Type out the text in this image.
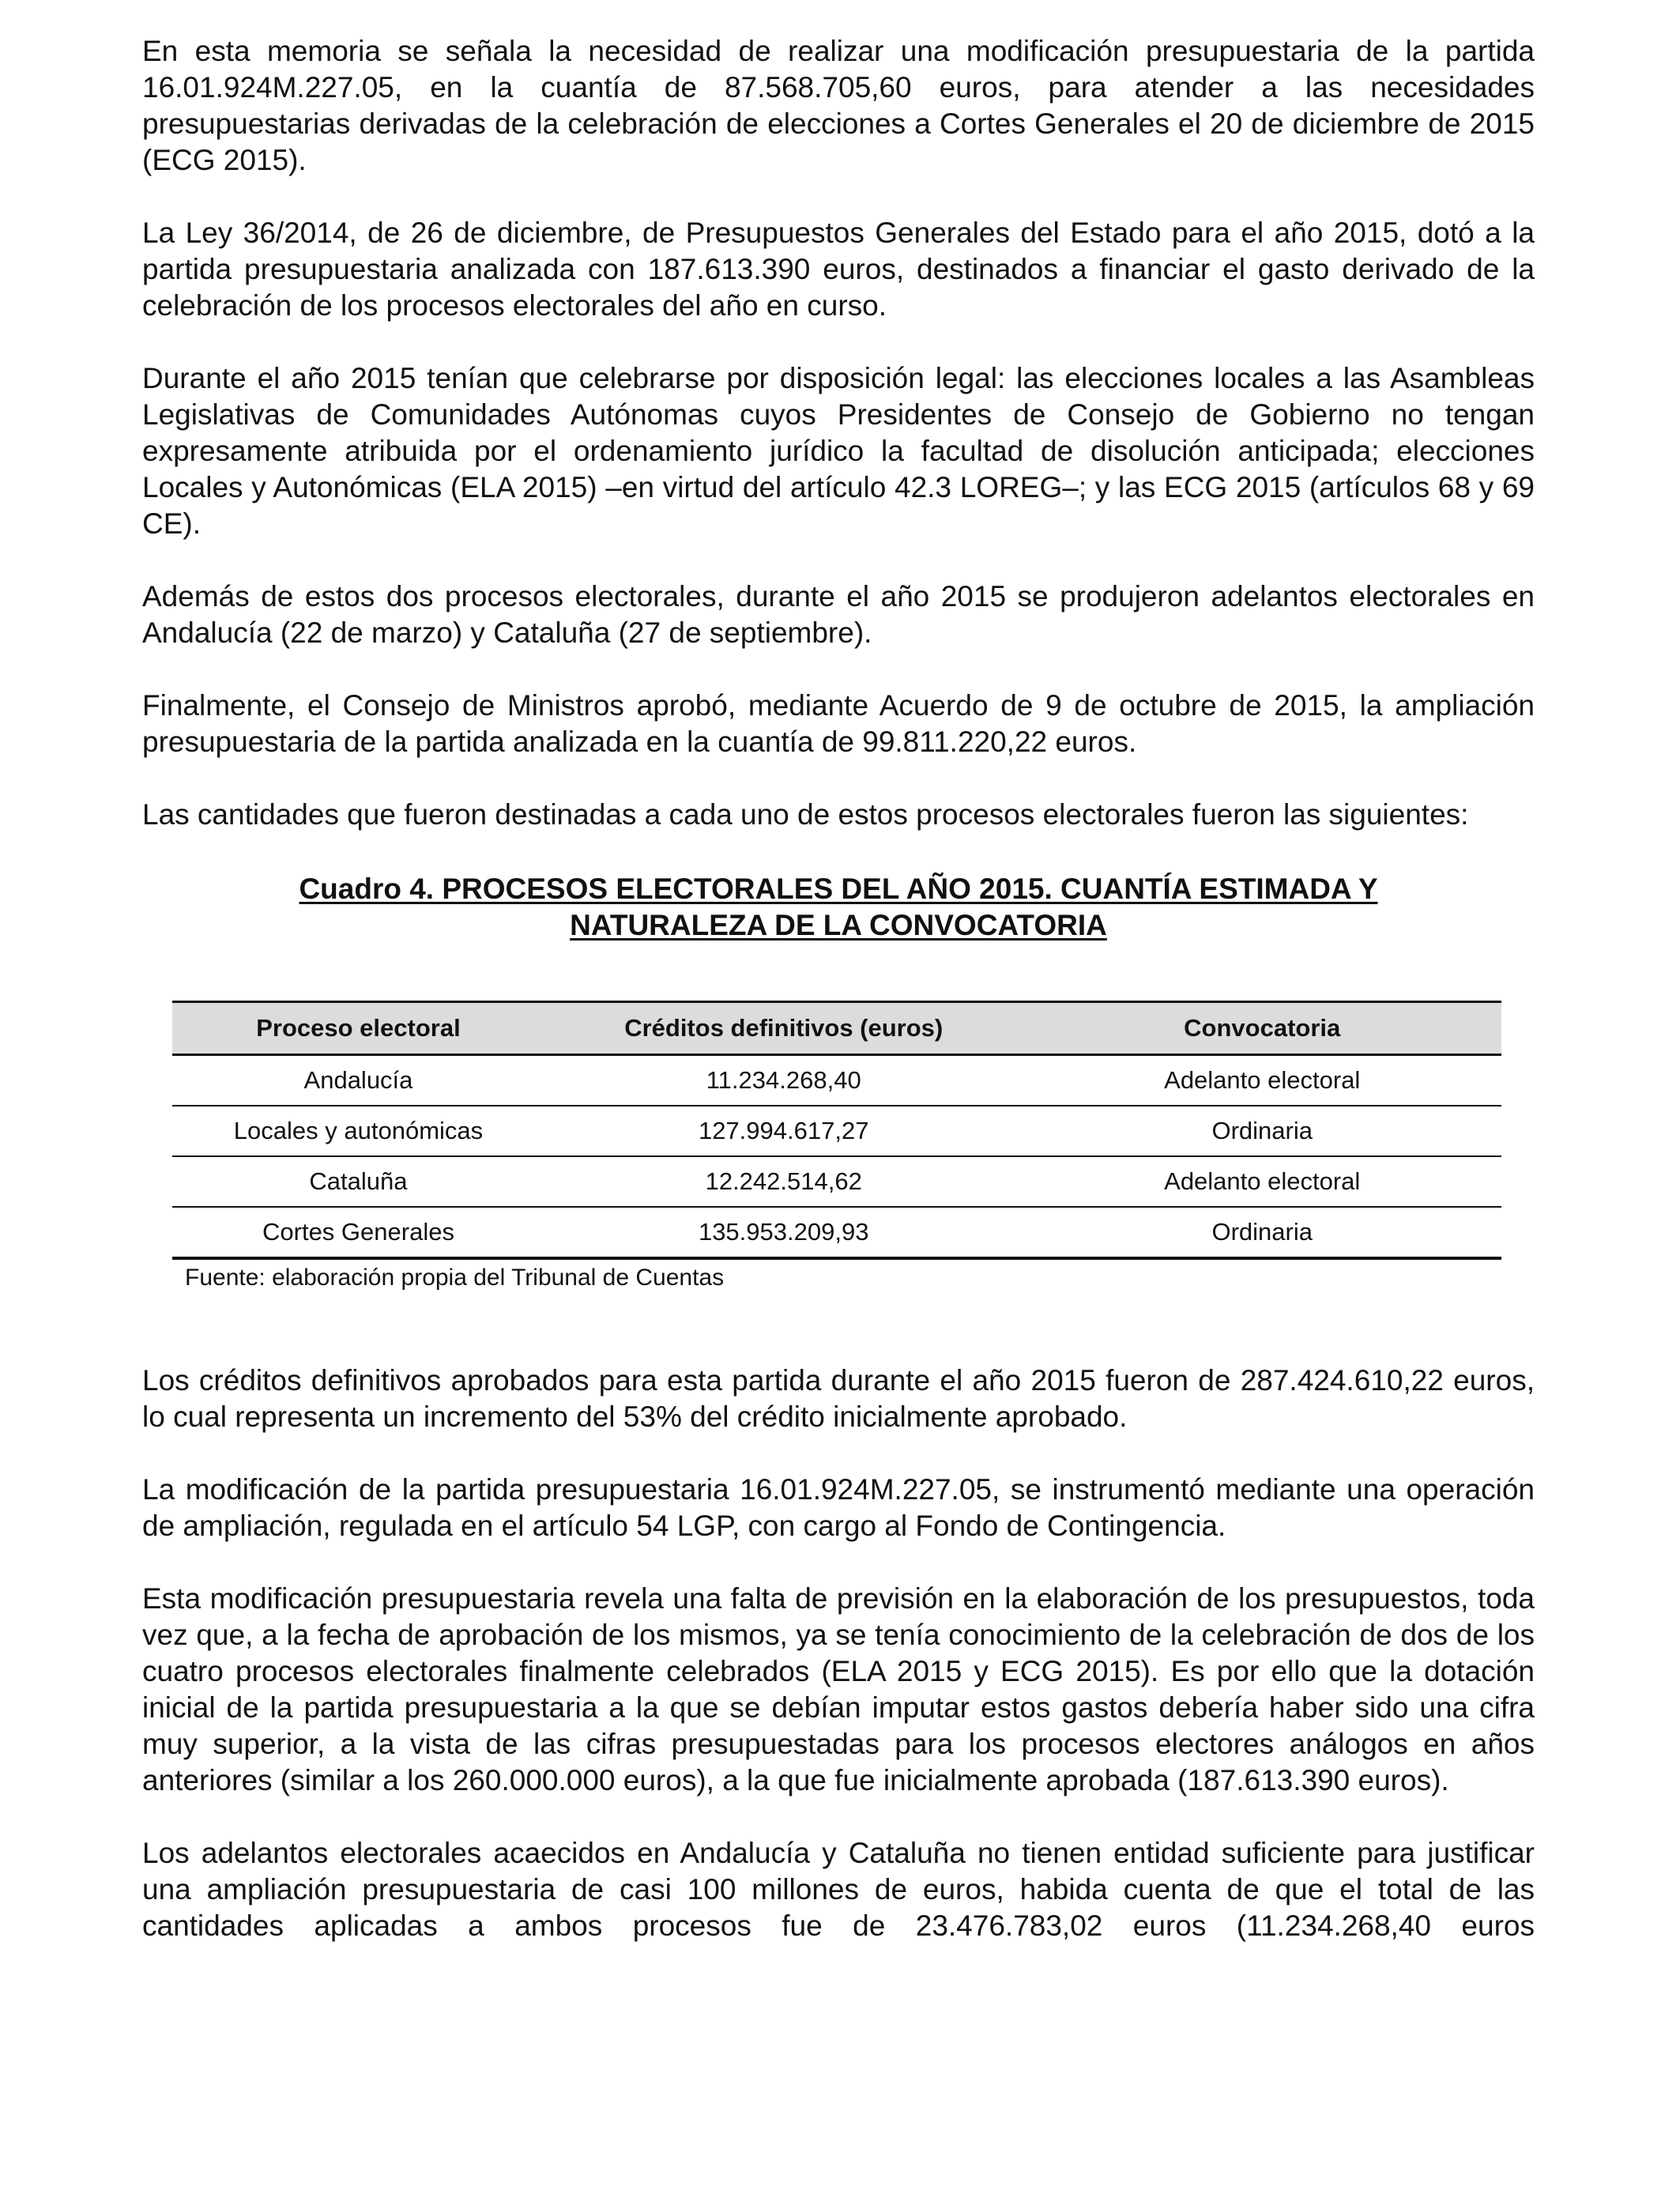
En esta memoria se señala la necesidad de realizar una modificación presupuestaria de la partida 16.01.924M.227.05, en la cuantía de 87.568.705,60 euros, para atender a las necesidades presupuestarias derivadas de la celebración de elecciones a Cortes Generales el 20 de diciembre de 2015 (ECG 2015).

La Ley 36/2014, de 26 de diciembre, de Presupuestos Generales del Estado para el año 2015, dotó a la partida presupuestaria analizada con 187.613.390 euros, destinados a financiar el gasto derivado de la celebración de los procesos electorales del año en curso.

Durante el año 2015 tenían que celebrarse por disposición legal: las elecciones locales a las Asambleas Legislativas de Comunidades Autónomas cuyos Presidentes de Consejo de Gobierno no tengan expresamente atribuida por el ordenamiento jurídico la facultad de disolución anticipada; elecciones Locales y Autonómicas (ELA 2015) –en virtud del artículo 42.3 LOREG–; y las ECG 2015 (artículos 68 y 69 CE).

Además de estos dos procesos electorales, durante el año 2015 se produjeron adelantos electorales en Andalucía (22 de marzo) y Cataluña (27 de septiembre).

Finalmente, el Consejo de Ministros aprobó, mediante Acuerdo de 9 de octubre de 2015, la ampliación presupuestaria de la partida analizada en la cuantía de 99.811.220,22 euros.

Las cantidades que fueron destinadas a cada uno de estos procesos electorales fueron las siguientes:

Cuadro 4. PROCESOS ELECTORALES DEL AÑO 2015. CUANTÍA ESTIMADA Y
NATURALEZA DE LA CONVOCATORIA
Proceso electoral	Créditos definitivos (euros)	Convocatoria
Andalucía	11.234.268,40	Adelanto electoral
Locales y autonómicas	127.994.617,27	Ordinaria
Cataluña	12.242.514,62	Adelanto electoral
Cortes Generales	135.953.209,93	Ordinaria
Fuente: elaboración propia del Tribunal de Cuentas

Los créditos definitivos aprobados para esta partida durante el año 2015 fueron de 287.424.610,22 euros, lo cual representa un incremento del 53% del crédito inicialmente aprobado.

La modificación de la partida presupuestaria 16.01.924M.227.05, se instrumentó mediante una operación de ampliación, regulada en el artículo 54 LGP, con cargo al Fondo de Contingencia.

Esta modificación presupuestaria revela una falta de previsión en la elaboración de los presupuestos, toda vez que, a la fecha de aprobación de los mismos, ya se tenía conocimiento de la celebración de dos de los cuatro procesos electorales finalmente celebrados (ELA 2015 y ECG 2015). Es por ello que la dotación inicial de la partida presupuestaria a la que se debían imputar estos gastos debería haber sido una cifra muy superior, a la vista de las cifras presupuestadas para los procesos electores análogos en años anteriores (similar a los 260.000.000 euros), a la que fue inicialmente aprobada (187.613.390 euros).

Los adelantos electorales acaecidos en Andalucía y Cataluña no tienen entidad suficiente para justificar una ampliación presupuestaria de casi 100 millones de euros, habida cuenta de que el total de las cantidades aplicadas a ambos procesos fue de 23.476.783,02 euros (11.234.268,40 euros
